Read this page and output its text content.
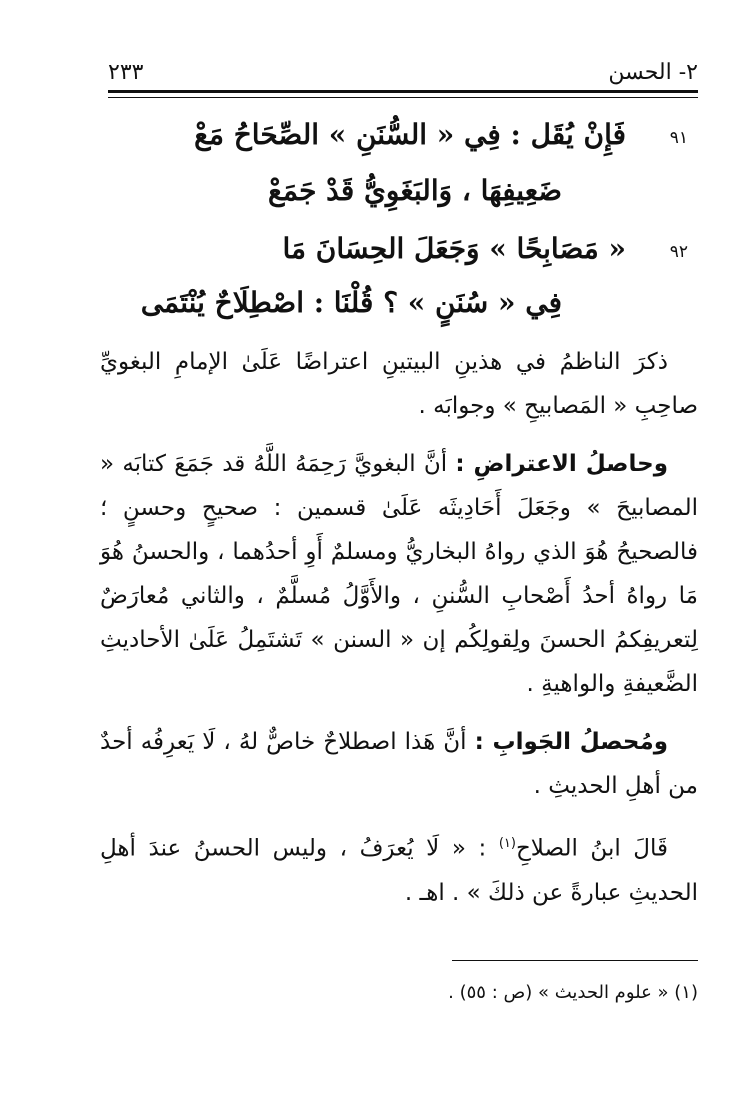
٢- الحسن
٢٣٣
٩١
فَإِنْ يُقَل : فِي « السُّنَنِ » الصِّحَاحُ مَعْ
ضَعِيفِهَا ، وَالبَغَوِيُّ قَدْ جَمَعْ
٩٢
« مَصَابِحًا » وَجَعَلَ الحِسَانَ مَا
فِي « سُنَنٍ » ؟ قُلْنَا : اصْطِلَاحٌ يُنْتَمَى

ذكرَ الناظمُ في هذينِ البيتينِ اعتراضًا عَلَىٰ الإمامِ البغويِّ صاحِبِ « المَصابيحِ » وجوابَه .

وحاصلُ الاعتراضِ : أنَّ البغويَّ رَحِمَهُ اللَّهُ قد جَمَعَ كتابَه « المصابيحَ » وجَعَلَ أَحَادِيثَه عَلَىٰ قسمين : صحيحٍ وحسنٍ ؛ فالصحيحُ هُوَ الذي رواهُ البخاريُّ ومسلمٌ أَوِ أحدُهما ، والحسنُ هُوَ مَا رواهُ أحدُ أَصْحابِ السُّننِ ، والأَوَّلُ مُسلَّمٌ ، والثاني مُعارَضٌ لِتعريفِكمُ الحسنَ ولِقولِكُم إن « السنن » تَشتَمِلُ عَلَىٰ الأحاديثِ الضَّعيفةِ والواهيةِ .

ومُحصلُ الجَوابِ : أنَّ هَذا اصطلاحٌ خاصٌّ لهُ ، لَا يَعرِفُه أحدٌ من أهلِ الحديثِ .

قَالَ ابنُ الصلاحِ$^{(١)}$ : « لَا يُعرَفُ ، وليس الحسنُ عندَ أهلِ الحديثِ عبارةً عن ذلكَ » . اهـ .

(١) « علوم الحديث » (ص : ٥٥) .
